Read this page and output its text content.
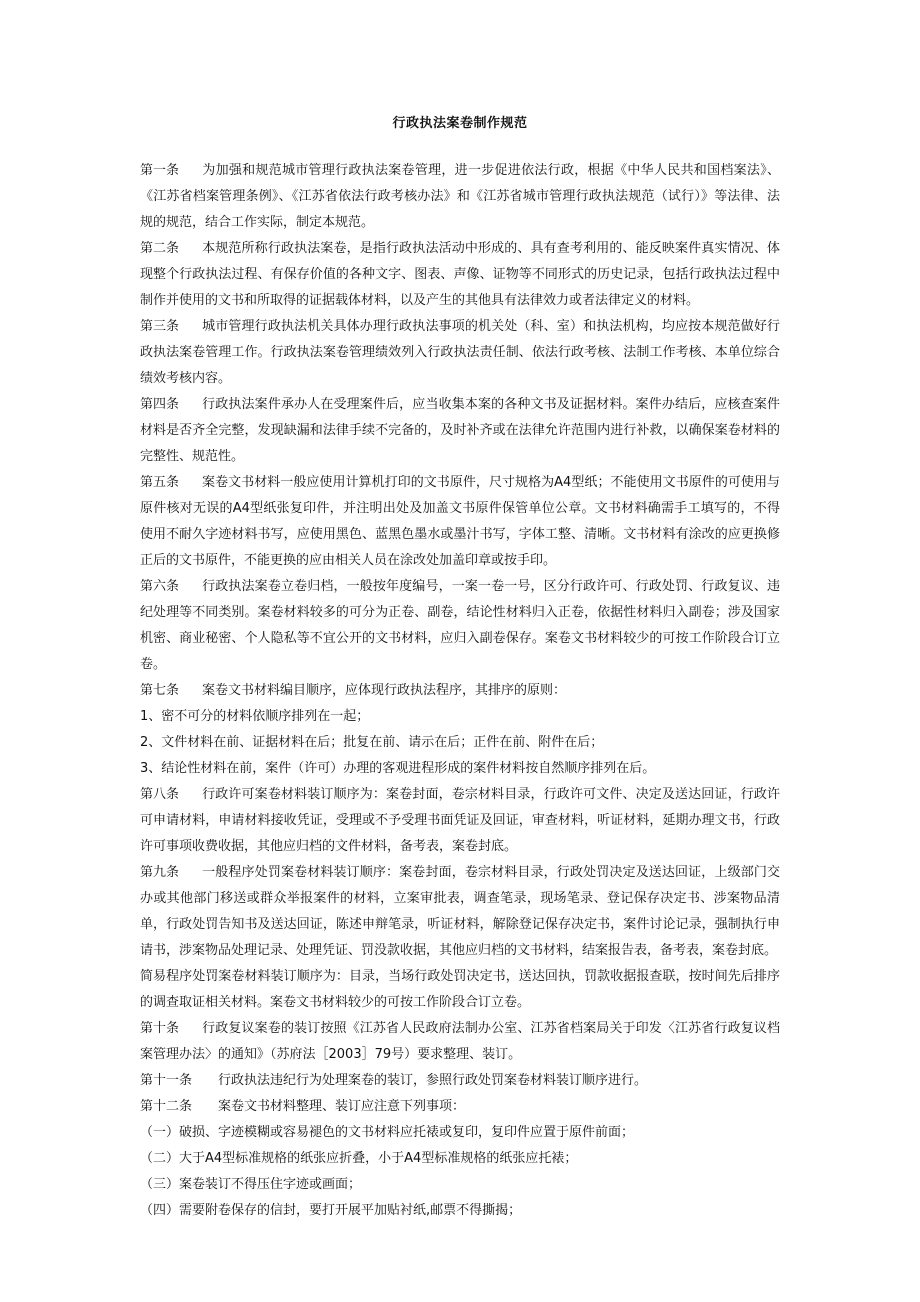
行政执法案卷制作规范

第一条 为加强和规范城市管理行政执法案卷管理，进一步促进依法行政，根据《中华人民共和国档案法》、《江苏省档案管理条例》、《江苏省依法行政考核办法》和《江苏省城市管理行政执法规范（试行）》等法律、法规的规范，结合工作实际，制定本规范。

第二条 本规范所称行政执法案卷，是指行政执法活动中形成的、具有查考利用的、能反映案件真实情况、体现整个行政执法过程、有保存价值的各种文字、图表、声像、证物等不同形式的历史记录，包括行政执法过程中制作并使用的文书和所取得的证据载体材料，以及产生的其他具有法律效力或者法律定义的材料。

第三条 城市管理行政执法机关具体办理行政执法事项的机关处（科、室）和执法机构，均应按本规范做好行政执法案卷管理工作。行政执法案卷管理绩效列入行政执法责任制、依法行政考核、法制工作考核、本单位综合绩效考核内容。

第四条 行政执法案件承办人在受理案件后，应当收集本案的各种文书及证据材料。案件办结后，应核查案件材料是否齐全完整，发现缺漏和法律手续不完备的，及时补齐或在法律允许范围内进行补救，以确保案卷材料的完整性、规范性。

第五条 案卷文书材料一般应使用计算机打印的文书原件，尺寸规格为A4型纸；不能使用文书原件的可使用与原件核对无误的A4型纸张复印件，并注明出处及加盖文书原件保管单位公章。文书材料确需手工填写的，不得使用不耐久字迹材料书写，应使用黑色、蓝黑色墨水或墨汁书写，字体工整、清晰。文书材料有涂改的应更换修正后的文书原件，不能更换的应由相关人员在涂改处加盖印章或按手印。

第六条 行政执法案卷立卷归档，一般按年度编号，一案一卷一号，区分行政许可、行政处罚、行政复议、违纪处理等不同类别。案卷材料较多的可分为正卷、副卷，结论性材料归入正卷，依据性材料归入副卷；涉及国家机密、商业秘密、个人隐私等不宜公开的文书材料，应归入副卷保存。案卷文书材料较少的可按工作阶段合订立卷。

第七条 案卷文书材料编目顺序，应体现行政执法程序，其排序的原则：

1、密不可分的材料依顺序排列在一起；

2、文件材料在前、证据材料在后；批复在前、请示在后；正件在前、附件在后；

3、结论性材料在前，案件（许可）办理的客观进程形成的案件材料按自然顺序排列在后。

第八条 行政许可案卷材料装订顺序为：案卷封面，卷宗材料目录，行政许可文件、决定及送达回证，行政许可申请材料，申请材料接收凭证，受理或不予受理书面凭证及回证，审查材料，听证材料，延期办理文书，行政许可事项收费收据，其他应归档的文件材料，备考表，案卷封底。

第九条 一般程序处罚案卷材料装订顺序：案卷封面，卷宗材料目录，行政处罚决定及送达回证，上级部门交办或其他部门移送或群众举报案件的材料，立案审批表，调查笔录，现场笔录、登记保存决定书、涉案物品清单，行政处罚告知书及送达回证，陈述申辩笔录，听证材料，解除登记保存决定书，案件讨论记录，强制执行申请书，涉案物品处理记录、处理凭证、罚没款收据，其他应归档的文书材料，结案报告表，备考表，案卷封底。

简易程序处罚案卷材料装订顺序为：目录，当场行政处罚决定书，送达回执，罚款收据报查联，按时间先后排序的调查取证相关材料。案卷文书材料较少的可按工作阶段合订立卷。

第十条 行政复议案卷的装订按照《江苏省人民政府法制办公室、江苏省档案局关于印发〈江苏省行政复议档案管理办法〉的通知》（苏府法［2003］79号）要求整理、装订。

第十一条 行政执法违纪行为处理案卷的装订，参照行政处罚案卷材料装订顺序进行。

第十二条 案卷文书材料整理、装订应注意下列事项：

（一）破损、字迹模糊或容易褪色的文书材料应托裱或复印，复印件应置于原件前面；

（二）大于A4型标准规格的纸张应折叠，小于A4型标准规格的纸张应托裱；

（三）案卷装订不得压住字迹或画面；

（四）需要附卷保存的信封，要打开展平加贴衬纸,邮票不得撕揭；
